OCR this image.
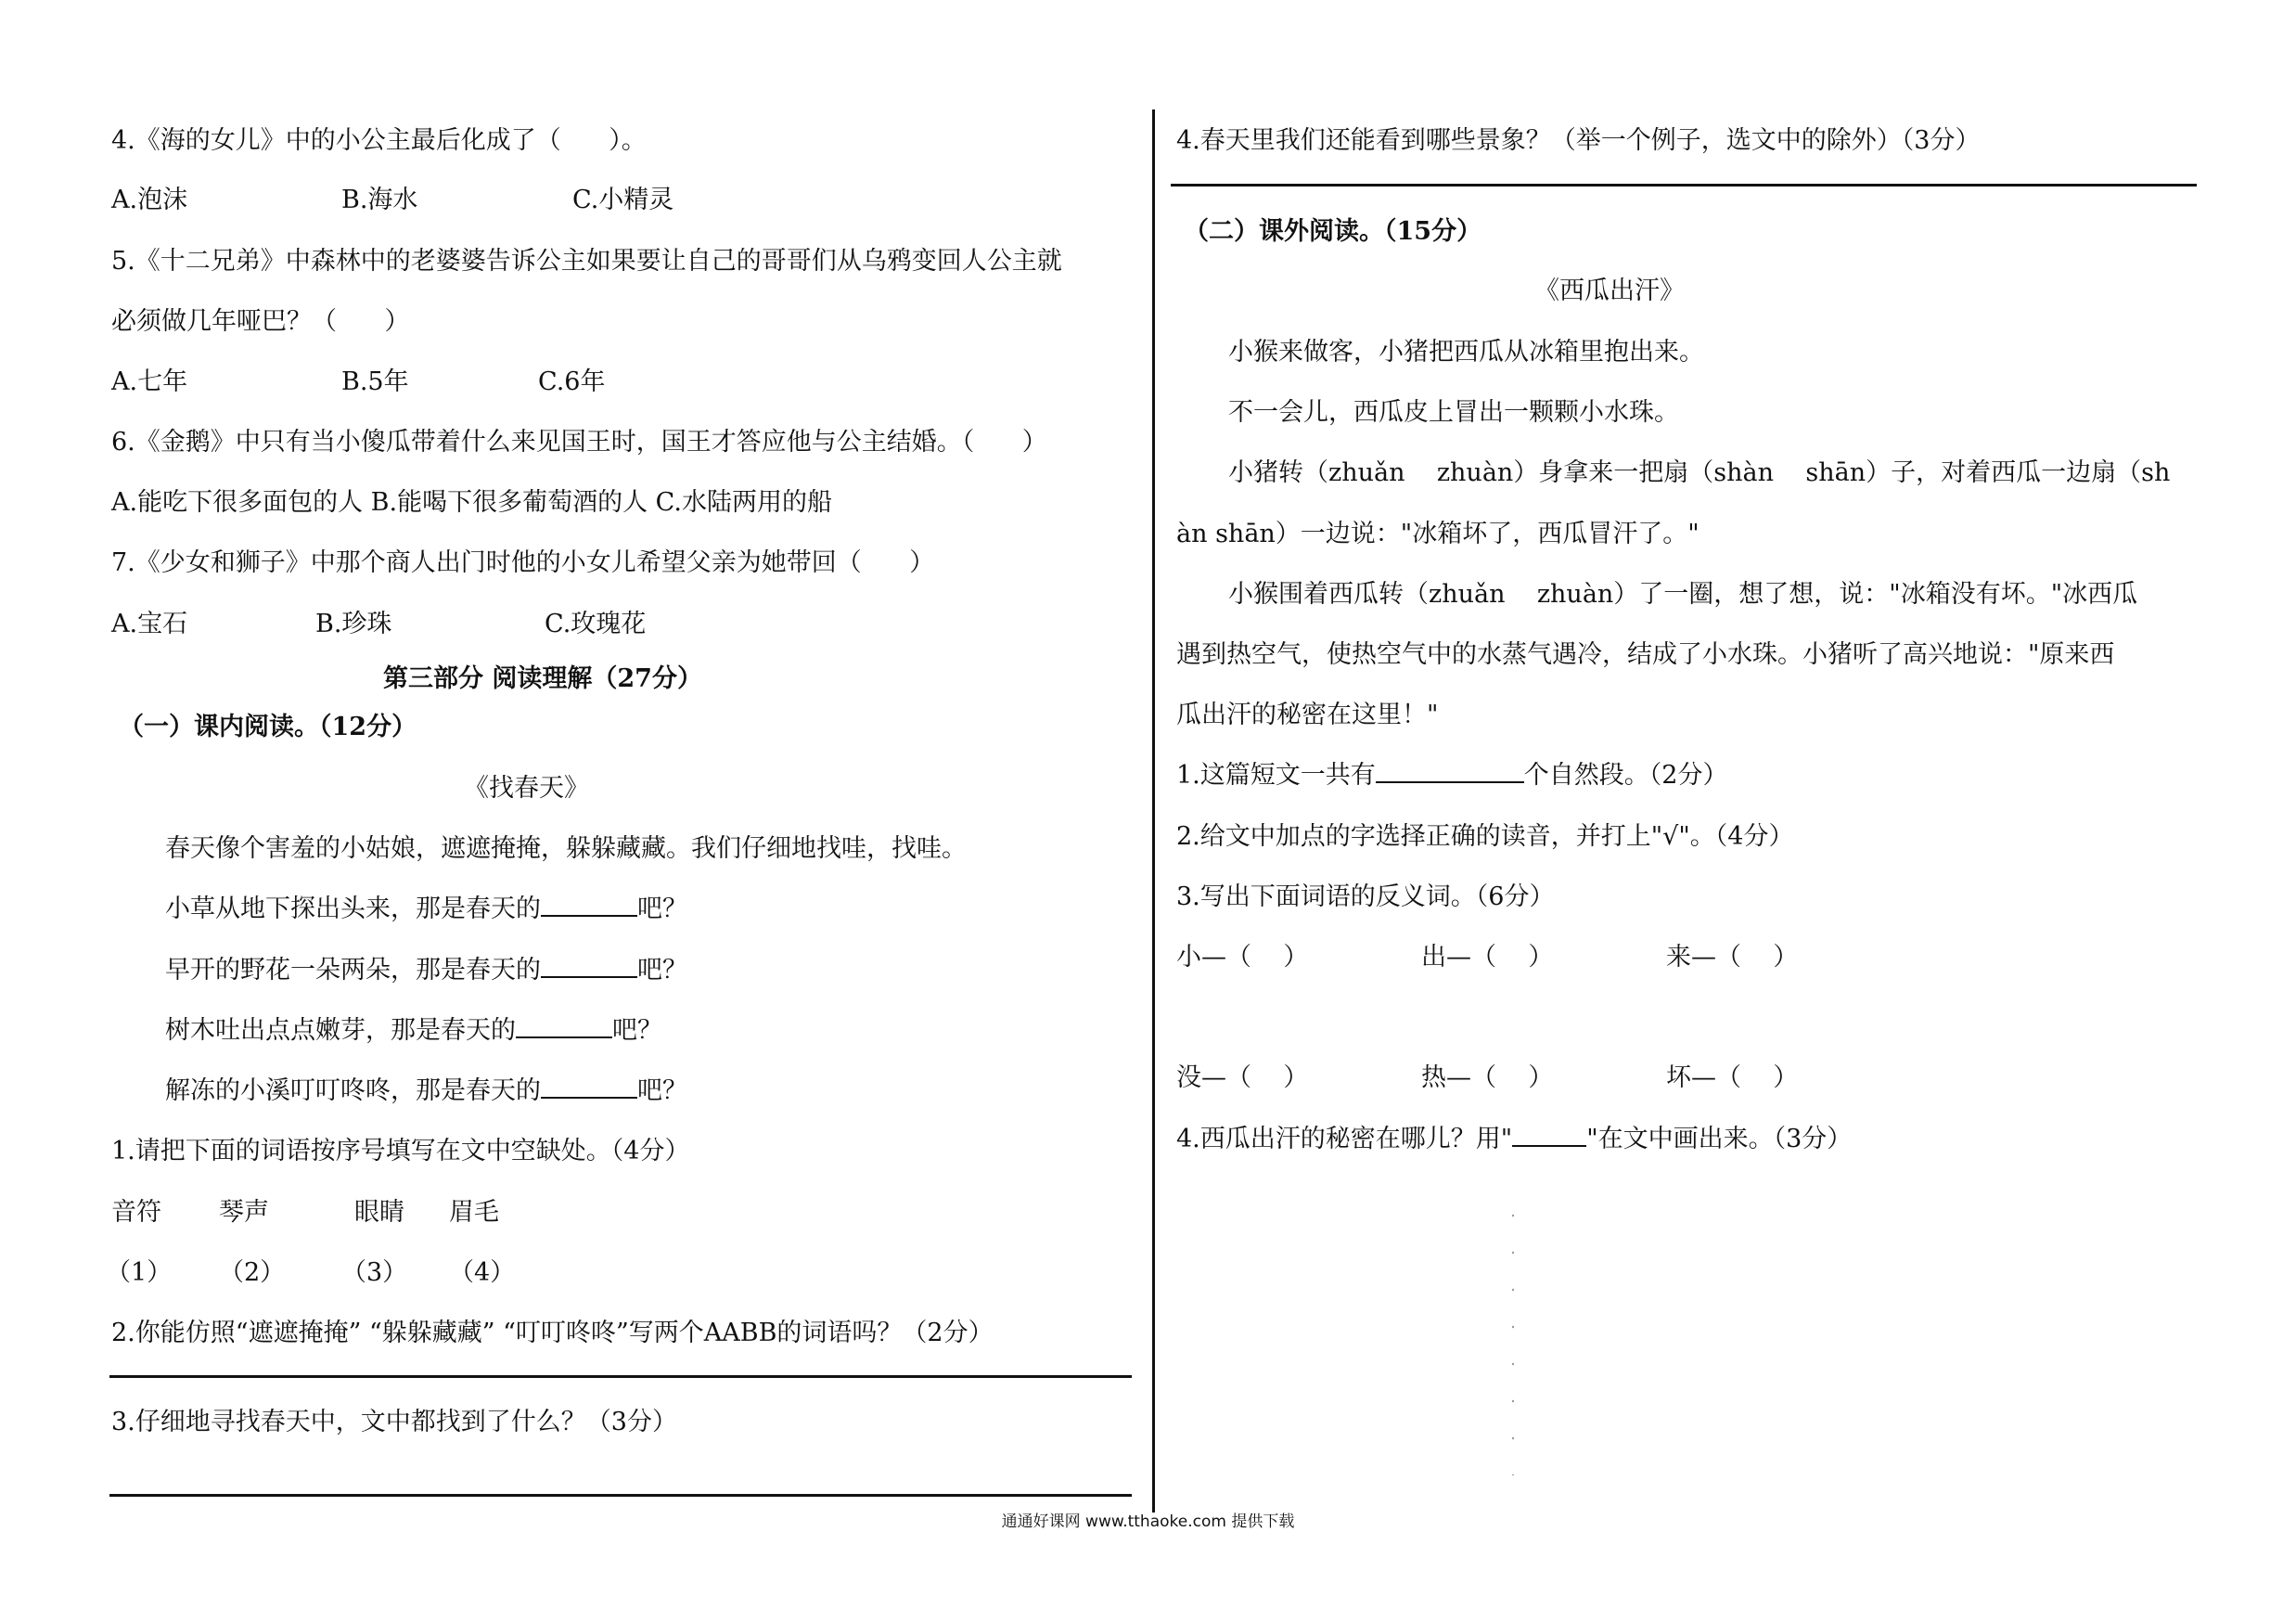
4.《海的女儿》中的小公主最后化成了（      ）。
A.泡沫	B.海水	C.小精灵
5.《十二兄弟》中森林中的老婆婆告诉公主如果要让自己的哥哥们从乌鸦变回人公主就
必须做几年哑巴？（      ）
A.七年	B.5年	C.6年
6.《金鹅》中只有当小傻瓜带着什么来见国王时，国王才答应他与公主结婚。（      ）
A.能吃下很多面包的人 B.能喝下很多葡萄酒的人 C.水陆两用的船
7.《少女和狮子》中那个商人出门时他的小女儿希望父亲为她带回（      ）
A.宝石	B.珍珠	C.玫瑰花
第三部分 阅读理解（27分）
（一）课内阅读。（12分）
《找春天》
春天像个害羞的小姑娘，遮遮掩掩，躲躲藏藏。我们仔细地找哇，找哇。
小草从地下探出头来，那是春天的	吧？
早开的野花一朵两朵，那是春天的	吧？
树木吐出点点嫩芽，那是春天的	吧？
解冻的小溪叮叮咚咚，那是春天的	吧？
1.请把下面的词语按序号填写在文中空缺处。（4分）
音符 琴声	眼睛 眉毛
（1） （2） （3） （4）
2.你能仿照“遮遮掩掩” “躲躲藏藏” “叮叮咚咚”写两个AABB的词语吗？（2分）
3.仔细地寻找春天中，文中都找到了什么？（3分）
4.春天里我们还能看到哪些景象？（举一个例子，选文中的除外）（3分）
（二）课外阅读。（15分）
《西瓜出汗》
小猴来做客，小猪把西瓜从冰箱里抱出来。
不一会儿，西瓜皮上冒出一颗颗小水珠。
小猪转（zhuǎn    zhuàn）身拿来一把扇（shàn    shān）子，对着西瓜一边扇（sh
àn shān）一边说："冰箱坏了，西瓜冒汗了。"
小猴围着西瓜转（zhuǎn    zhuàn）了一圈，想了想，说："冰箱没有坏。"冰西瓜
遇到热空气，使热空气中的水蒸气遇冷，结成了小水珠。小猪听了高兴地说："原来西
瓜出汗的秘密在这里！"
1.这篇短文一共有	个自然段。（2分）
2.给文中加点的字选择正确的读音，并打上"√"。（4分）
3.写出下面词语的反义词。（6分）
小—（    ）	出—（    ）	来—（    ）
没—（    ）	热—（    ）	坏—（    ）
4.西瓜出汗的秘密在哪儿？用"	"在文中画出来。（3分）
通通好课网 www.tthaoke.com 提供下载
